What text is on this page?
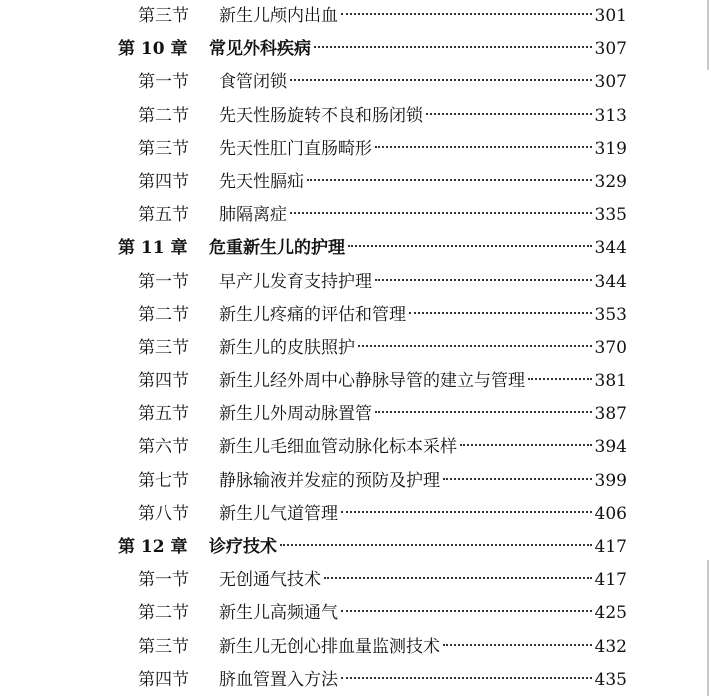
第三节 新生儿颅内出血	301
第 10 章 常见外科疾病	307
第一节 食管闭锁	307
第二节 先天性肠旋转不良和肠闭锁	313
第三节 先天性肛门直肠畸形	319
第四节 先天性膈疝	329
第五节 肺隔离症	335
第 11 章 危重新生儿的护理	344
第一节 早产儿发育支持护理	344
第二节 新生儿疼痛的评估和管理	353
第三节 新生儿的皮肤照护	370
第四节 新生儿经外周中心静脉导管的建立与管理	381
第五节 新生儿外周动脉置管	387
第六节 新生儿毛细血管动脉化标本采样	394
第七节 静脉输液并发症的预防及护理	399
第八节 新生儿气道管理	406
第 12 章 诊疗技术	417
第一节 无创通气技术	417
第二节 新生儿高频通气	425
第三节 新生儿无创心排血量监测技术	432
第四节 脐血管置入方法	435
